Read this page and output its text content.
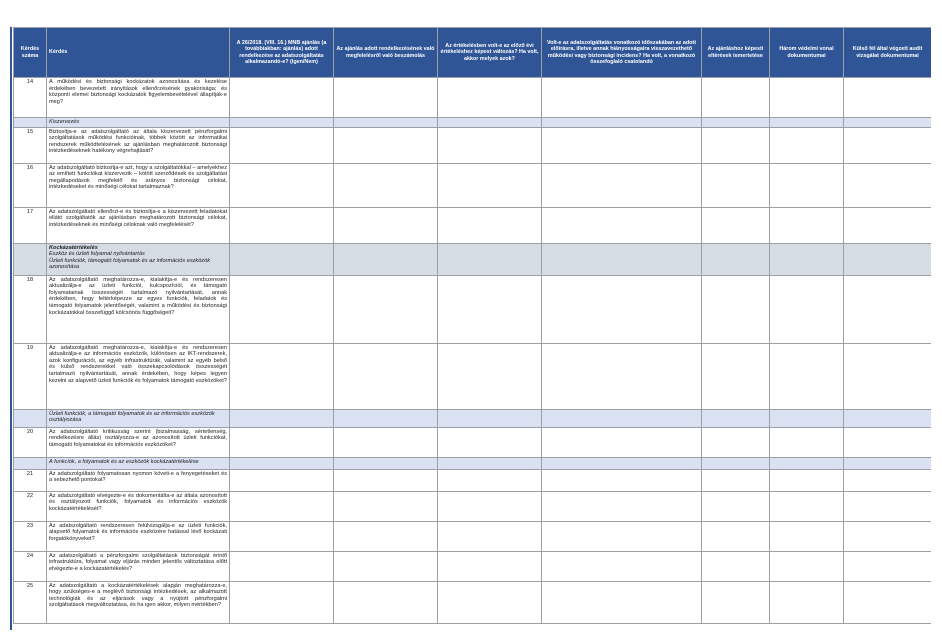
Kérdés száma	Kérdés	A 26/2018. (VIII. 16.) MNB ajánlás (a továbbiakban: ajánlás) adott rendelkezése az adatszolgáltatás alkalmazandó-e? (Igen/Nem)	Az ajánlás adott rendelkezésének való megfelelésről való beszámolás	Az értékelésben volt-e az előző évi értékeléshez képest változás? Ha volt, akkor melyek azok?	Volt-e az adatszolgáltatás vonatkozó időszakában az adott előírásra, illetve annak hiányosságaira visszavezethető működési vagy biztonsági incidens? Ha volt, a vonatkozó összefoglaló csatolandó	Az ajánláshoz képesti eltérések ismertetése	Három védelmi vonal dokumentumai	Külső fél által végzett audit vizsgálat dokumentumai
14	A működési és biztonsági kockázatok azonosítása és kezelése érdekében bevezetett irányítások ellenőrzésének gyakorisága; és központi elemei biztonsági kockázatok figyelembevételével állapítják-e meg?							

	Kiszervezés							

15	Biztosítja-e az adatszolgáltató az általa kiszervezett pénzforgalmi szolgáltatások működési funkcióinak, többek között az informatikai rendszerek működtetésének az ajánlásban meghatározott biztonsági intézkedéseknek hatékony végrehajtását?							
16	Az adatszolgáltató biztosítja-e azt, hogy a szolgáltatókkal – amelyekhez az említett funkciókat kiszervezik – kötött szerződések és szolgáltatási megállapodások megfelelő és arányos biztonsági célokat, intézkedéseket és minőségi célokat tartalmaznak?							
17	Az adatszolgáltató ellenőrzi-e és biztosítja-e a kiszervezett feladatokat ellátó szolgáltatók az ajánlásban meghatározott biztonsági célokat, intézkedéseknek és minőségi céloknak való megfelelését?							

	Kockázatértékelés
Eszköz és üzleti folyamat nyilvántartás
Üzleti funkciók, támogató folyamatok és az információs eszközök azonosítása							

18	Az adatszolgáltató meghatározza-e, kialakítja-e és rendszeresen aktualizálja-e az üzleti funkciói, kulcspozíciói, és támogató folyamatainak összességét tartalmazó nyilvántartását, annak érdekében, hogy feltérképezze az egyes funkciók, feladatok és támogató folyamatok jelentőségét, valamint a működési és biztonsági kockázatokkal összefüggő kölcsönös függőségeit?							
19	Az adatszolgáltató meghatározza-e, kialakítja-e és rendszeresen aktualizálja-e az információs eszközök, különösen az IKT-rendszerek, azok konfigurációi, az egyéb infrastruktúrák, valamint az egyéb belső és külső rendszerekkel való összekapcsolódások összességét tartalmazó nyilvántartását, annak érdekében, hogy képes legyen kezelni az alapvető üzleti funkciók és folyamatok támogató eszközöket?							

	Üzleti funkciók, a támogató folyamatok és az információs eszközök osztályozása							

20	Az adatszolgáltató kritikusság szerint (bizalmasság, sértetlenség, rendelkezésre állás) osztályozza-e az azonosított üzleti funkciókat, támogató folyamatokat és információs eszközöket?							

	A funkciók, a folyamatok és az eszközök kockázatértékelése							

21	Az adatszolgáltató folyamatosan nyomon követi-e a fenyegetéseket és a sebezhető pontokat?							
22	Az adatszolgáltató elvégezte-e és dokumentálta-e az általa azonosított és osztályozott funkciók, folyamatok és információs eszközök kockázatértékelését?							
23	Az adatszolgáltató rendszeresen felülvizsgálja-e az üzleti funkciók, alapvető folyamatok és információs eszközére hatással lévő kockázati forgatókönyveket?							
24	Az adatszolgáltató a pénzforgalmi szolgáltatások biztonságát érintő infrastruktúra, folyamat vagy eljárás minden jelentős változtatása előtt elvégezte-e a kockázatértékelés?							
25	Az adatszolgáltató a kockázatértékelések alapján meghatározza-e, hogy szükséges-e a meglévő biztonsági intézkedések, az alkalmazott technológiák és az eljárások vagy a nyújtott pénzforgalmi szolgáltatások megváltoztatása, és ha igen akkor, milyen mértékben?							
